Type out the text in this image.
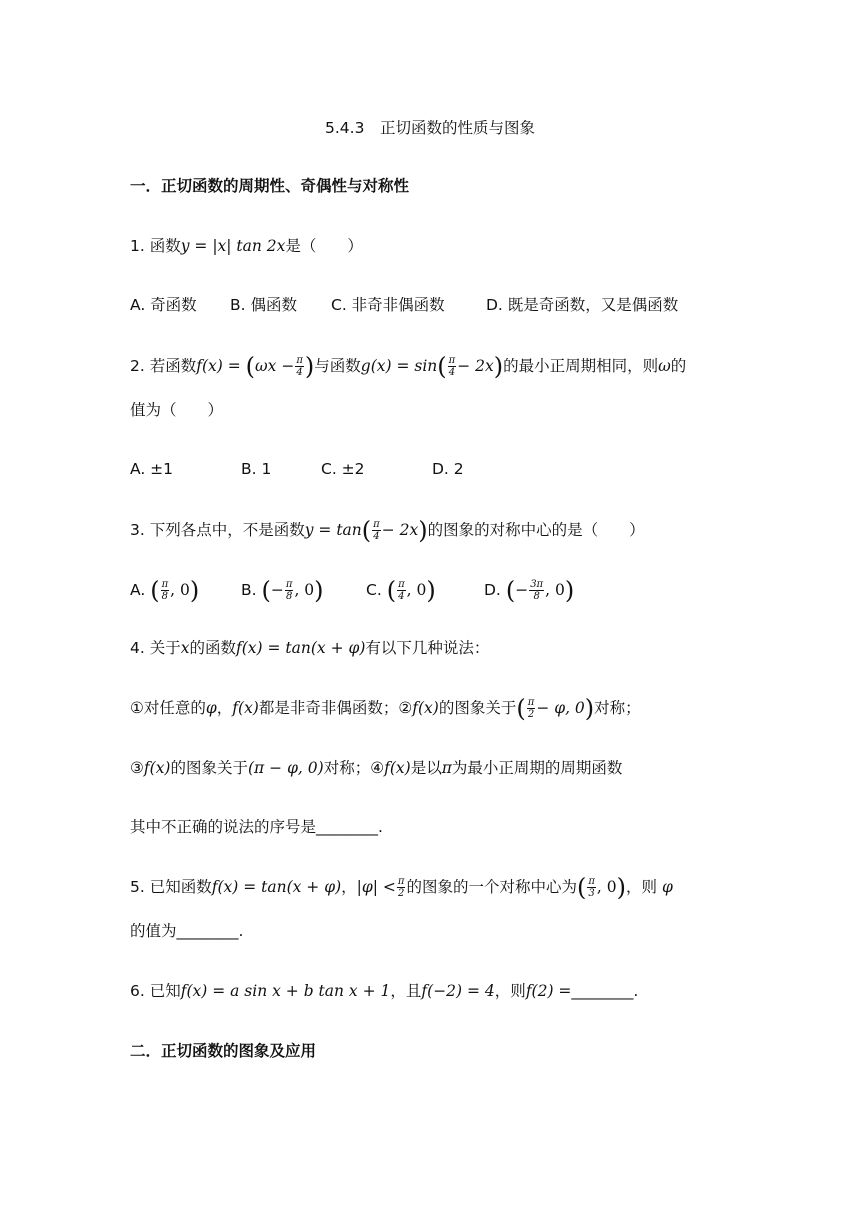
5.4.3　正切函数的性质与图象
一．正切函数的周期性、奇偶性与对称性
1. 函数y = |x| tan 2x是（　　）
A. 奇函数 B. 偶函数 C. 非奇非偶函数	D. 既是奇函数，又是偶函数
2. 若函数$f(x) = (\omega x - \frac{\pi}{4}$ )与函数$g(x) = \sin( \frac{\pi}{4} - 2x)$的最小正周期相同，则ω的
值为（　　）
A. ±1	B. 1	C. ±2	D. 2
3. 下列各点中，不是函数$y = \tan( \frac{\pi}{4} - 2x)$的图象的对称中心的是（　　）
A. ( $\frac{\pi}{8}$ , 0)	B. (− $\frac{\pi}{8}$ , 0)	C. ( $\frac{\pi}{4}$ , 0)	D. (− $\frac{3\pi}{8}$ , 0)
4. 关于x的函数f(x) = tan(x + φ)有以下几种说法：
①对任意的φ，f(x)都是非奇非偶函数；②f(x)的图象关于( $\frac{\pi}{2} - \varphi$, 0)对称；
③f(x)的图象关于(π − φ, 0)对称；④f(x)是以π为最小正周期的周期函数
其中不正确的说法的序号是________.
5. 已知函数f(x) = tan(x + φ)，$|\varphi| < \frac{\pi}{2}$ 的图象的一个对称中心为( $\frac{\pi}{3}$ , 0)，则 φ
的值为________.
6. 已知f(x) = a sin x + b tan x + 1，且f(−2) = 4，则f(2) =________.
二．正切函数的图象及应用
